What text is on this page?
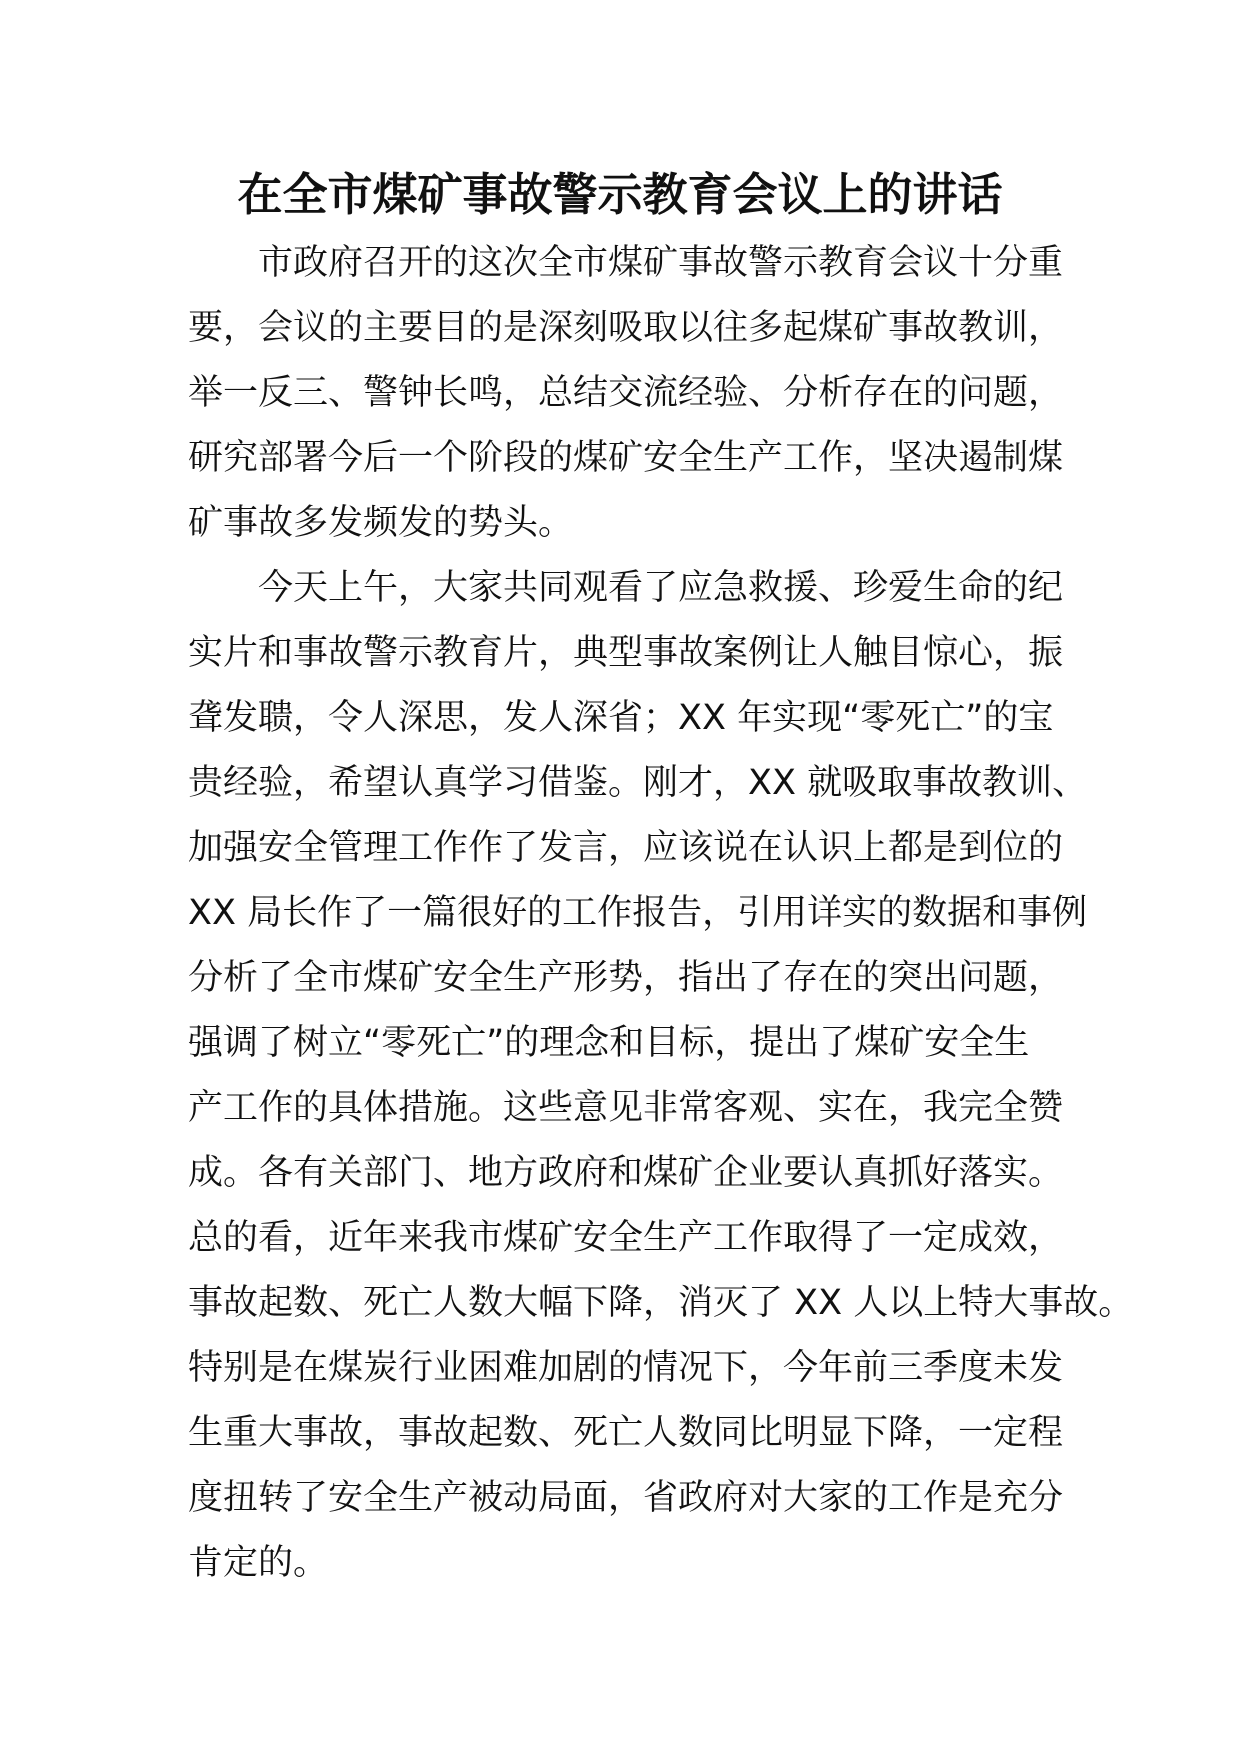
在全市煤矿事故警示教育会议上的讲话
市政府召开的这次全市煤矿事故警示教育会议十分重
要，会议的主要目的是深刻吸取以往多起煤矿事故教训，
举一反三、警钟长鸣，总结交流经验、分析存在的问题，
研究部署今后一个阶段的煤矿安全生产工作，坚决遏制煤
矿事故多发频发的势头。
今天上午，大家共同观看了应急救援、珍爱生命的纪
实片和事故警示教育片，典型事故案例让人触目惊心，振
聋发聩，令人深思，发人深省；XX 年实现“零死亡”的宝
贵经验，希望认真学习借鉴。刚才，XX 就吸取事故教训、
加强安全管理工作作了发言，应该说在认识上都是到位的
XX 局长作了一篇很好的工作报告，引用详实的数据和事例
分析了全市煤矿安全生产形势，指出了存在的突出问题，
强调了树立“零死亡”的理念和目标，提出了煤矿安全生
产工作的具体措施。这些意见非常客观、实在，我完全赞
成。各有关部门、地方政府和煤矿企业要认真抓好落实。
总的看，近年来我市煤矿安全生产工作取得了一定成效，
事故起数、死亡人数大幅下降，消灭了 XX 人以上特大事故。
特别是在煤炭行业困难加剧的情况下，今年前三季度未发
生重大事故，事故起数、死亡人数同比明显下降，一定程
度扭转了安全生产被动局面，省政府对大家的工作是充分
肯定的。
